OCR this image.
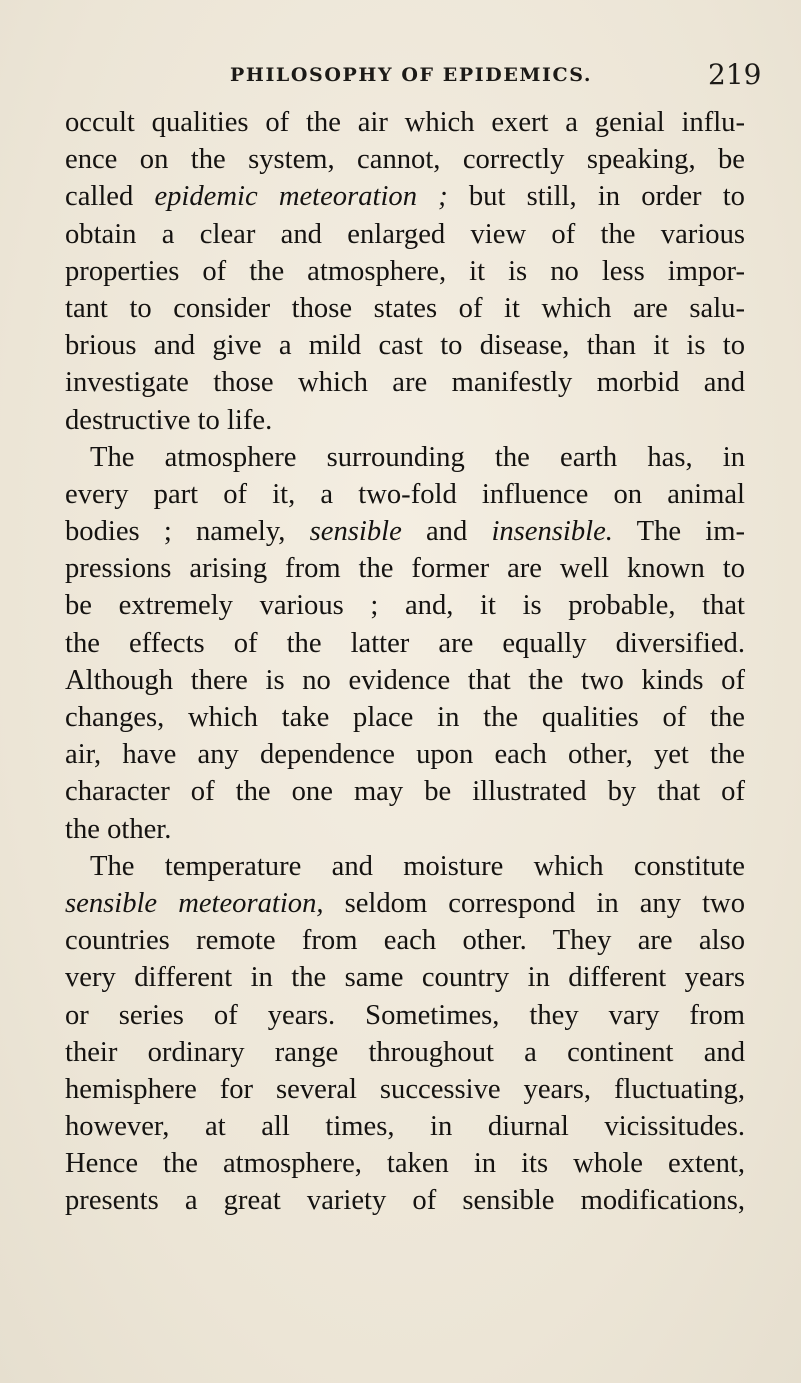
PHILOSOPHY OF EPIDEMICS.	219
occult qualities of the air which exert a genial influ-
ence on the system, cannot, correctly speaking, be
called epidemic meteoration ; but still, in order to
obtain a clear and enlarged view of the various
properties of the atmosphere, it is no less impor-
tant to consider those states of it which are salu-
brious and give a mild cast to disease, than it is to
investigate those which are manifestly morbid and
destructive to life.
The atmosphere surrounding the earth has, in
every part of it, a two-fold influence on animal
bodies ; namely, sensible and insensible. The im-
pressions arising from the former are well known to
be extremely various ; and, it is probable, that
the effects of the latter are equally diversified.
Although there is no evidence that the two kinds of
changes, which take place in the qualities of the
air, have any dependence upon each other, yet the
character of the one may be illustrated by that of
the other.
The temperature and moisture which constitute
sensible meteoration, seldom correspond in any two
countries remote from each other. They are also
very different in the same country in different years
or series of years. Sometimes, they vary from
their ordinary range throughout a continent and
hemisphere for several successive years, fluctuating,
however, at all times, in diurnal vicissitudes.
Hence the atmosphere, taken in its whole extent,
presents a great variety of sensible modifications,
